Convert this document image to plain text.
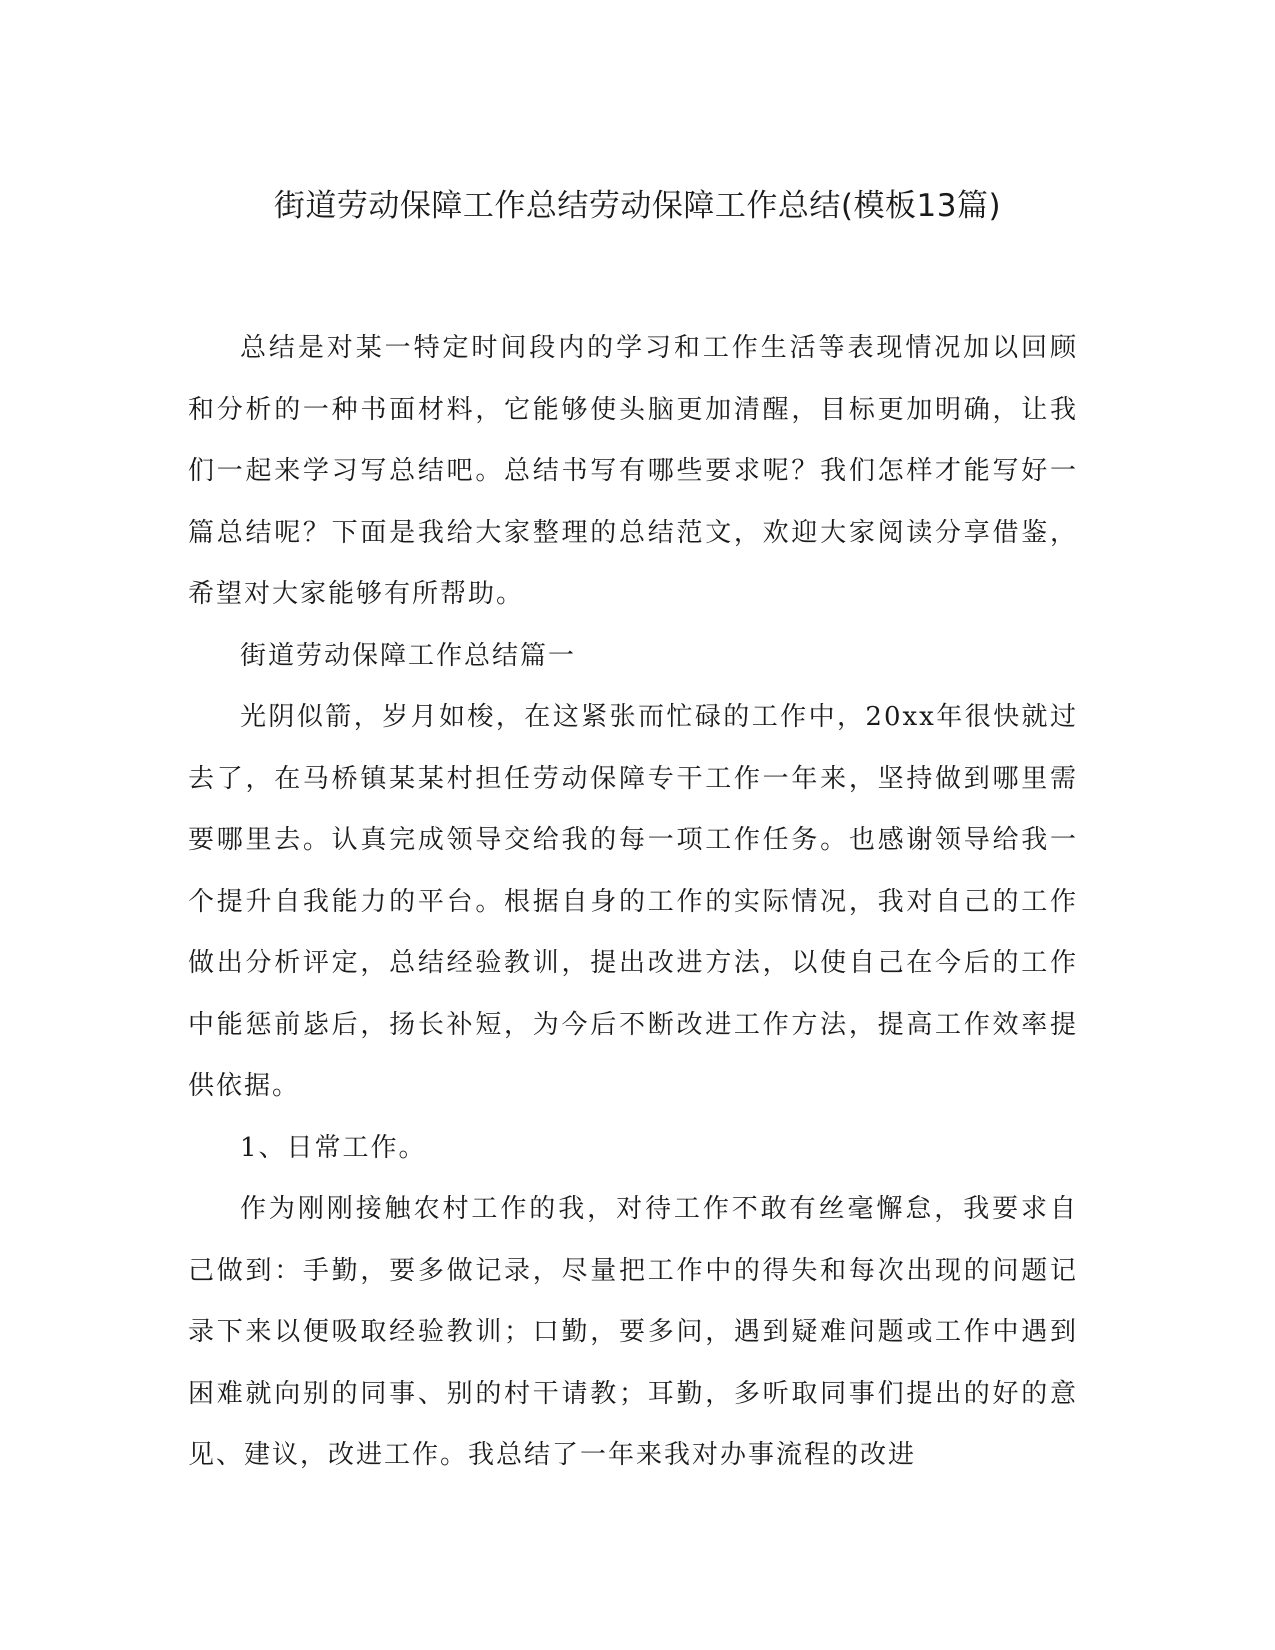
街道劳动保障工作总结劳动保障工作总结(模板13篇)

总结是对某一特定时间段内的学习和工作生活等表现情况加以回顾和分析的一种书面材料，它能够使头脑更加清醒，目标更加明确，让我们一起来学习写总结吧。总结书写有哪些要求呢？我们怎样才能写好一篇总结呢？下面是我给大家整理的总结范文，欢迎大家阅读分享借鉴，希望对大家能够有所帮助。

街道劳动保障工作总结篇一

光阴似箭，岁月如梭，在这紧张而忙碌的工作中，20xx年很快就过去了，在马桥镇某某村担任劳动保障专干工作一年来，坚持做到哪里需要哪里去。认真完成领导交给我的每一项工作任务。也感谢领导给我一个提升自我能力的平台。根据自身的工作的实际情况，我对自己的工作做出分析评定，总结经验教训，提出改进方法，以使自己在今后的工作中能惩前毖后，扬长补短，为今后不断改进工作方法，提高工作效率提供依据。

1、日常工作。

作为刚刚接触农村工作的我，对待工作不敢有丝毫懈怠，我要求自己做到：手勤，要多做记录，尽量把工作中的得失和每次出现的问题记录下来以便吸取经验教训；口勤，要多问，遇到疑难问题或工作中遇到困难就向别的同事、别的村干请教；耳勤，多听取同事们提出的好的意见、建议，改进工作。我总结了一年来我对办事流程的改进
